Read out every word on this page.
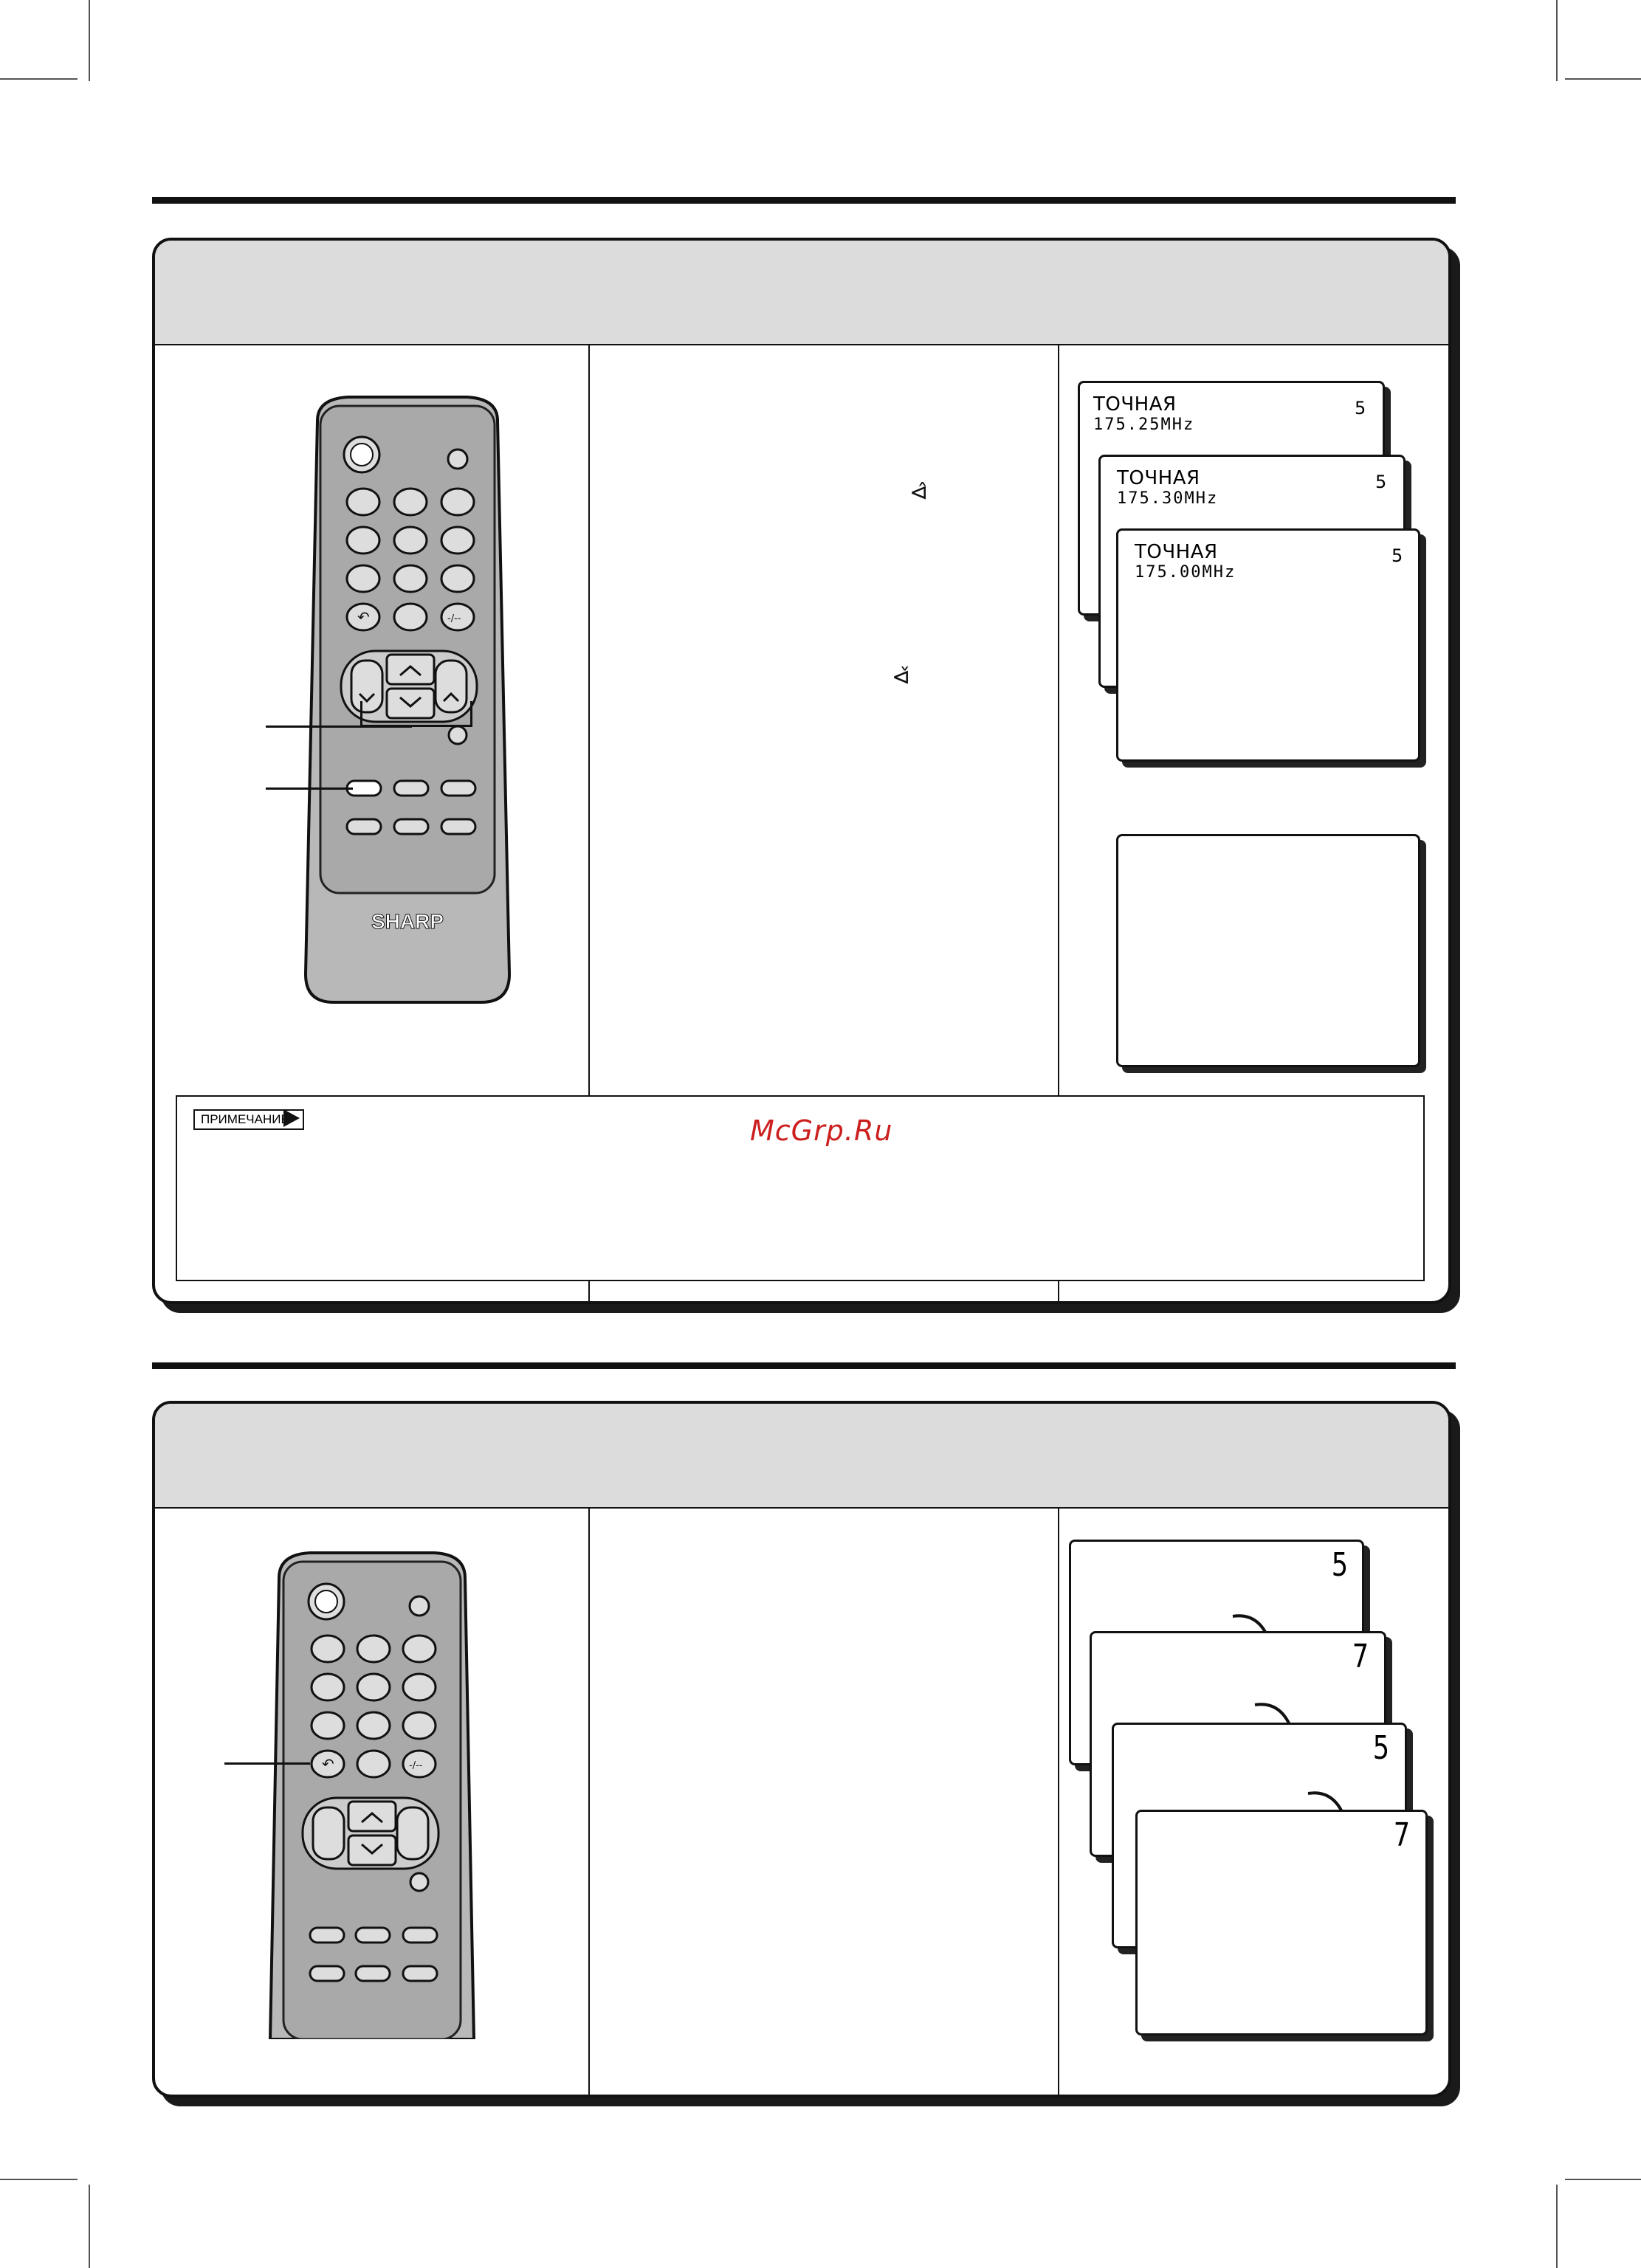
↶	-/--
SHARP
⊲̂
⊲̌
ТОЧНАЯ
175.25MHz
5
ТОЧНАЯ
175.30MHz
5
ТОЧНАЯ
175.00MHz
5
ПРИМЕЧАНИЕ	McGrp.Ru
↶	-/--
5
7
5
7
